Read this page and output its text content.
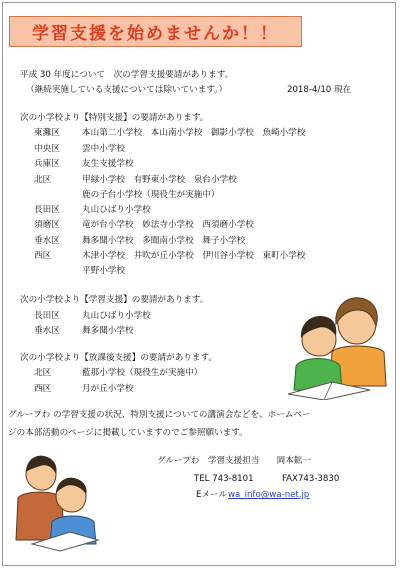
学習支援を始めませんか！！
平成 30 年度について　次の学習支援要請があります。
（継続実施している支援については除いています。）	2018-4/10 現在
次の小学校より【特別支援】の要請があります。
東灘区	本山第二小学校　本山南小学校　御影小学校　魚崎小学校
中央区	雲中小学校
兵庫区	友生支援学校
北区	甲緑小学校　有野東小学校　泉台小学校
鹿の子台小学校（現役生が実施中）
長田区	丸山ひばり小学校
須磨区	竜が台小学校　妙法寺小学校　西須磨小学校
垂水区	舞多聞小学校　多聞南小学校　舞子小学校
西区	木津小学校　井吹が丘小学校　伊川谷小学校　東町小学校
平野小学校
次の小学校より【学習支援】の要請があります。
長田区	丸山ひばり小学校
垂水区	舞多聞小学校
次の小学校より【放課後支援】の要請があります。
北区	藍那小学校（現役生が実施中）
西区	月が丘小学校
グループわ の学習支援の状況、特別支援についての講演会などを、ホームペー
ジの本部活動のページに掲載していますのでご参照願います。
グループわ　学習支援担当　　岡本鉱一
TEL 743-8101	FAX743-3830
Eメール wa_info@wa-net.jp
